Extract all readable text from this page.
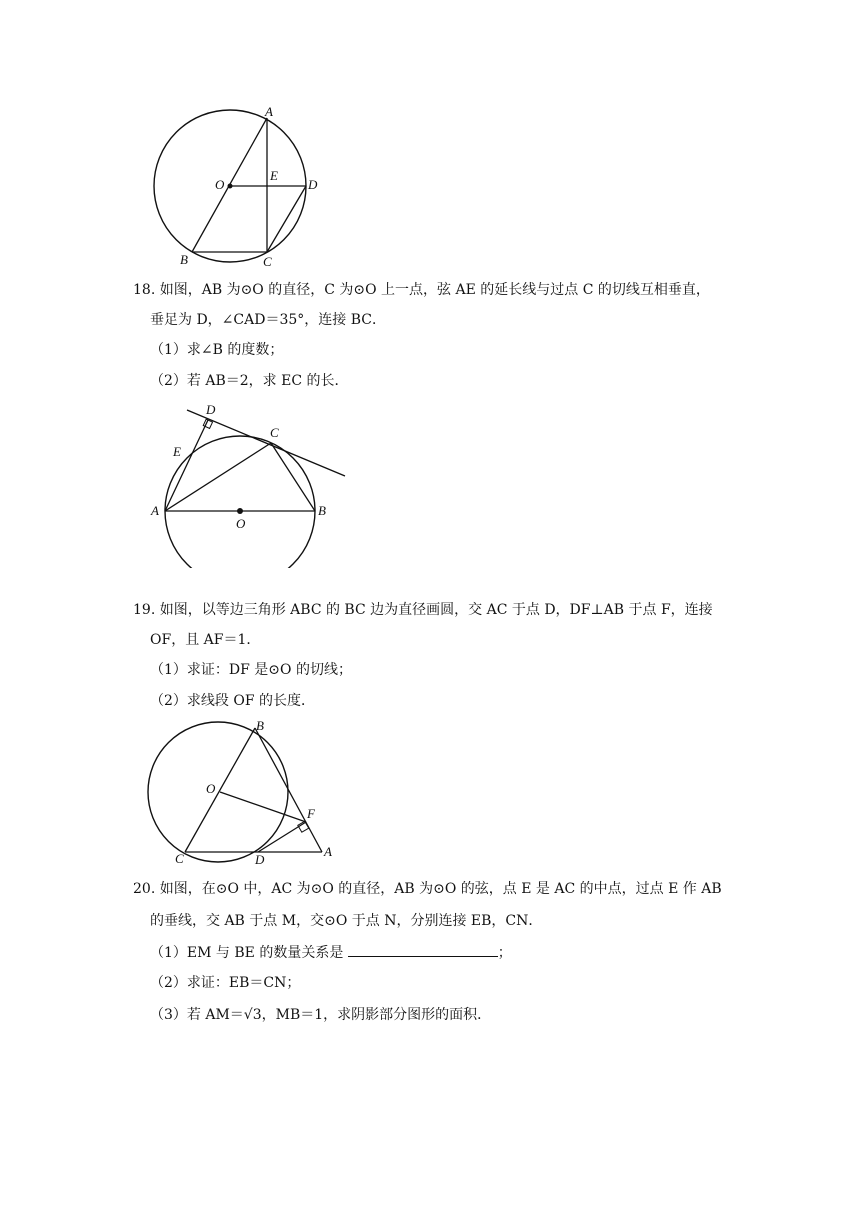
A
O
E
D
B	C
18. 如图，AB 为⊙O 的直径，C 为⊙O 上一点，弦 AE 的延长线与过点 C 的切线互相垂直，
垂足为 D，∠CAD＝35°，连接 BC．
（1）求∠B 的度数；
（2）若 AB＝2，求 EC 的长．
D
C
E
A
O
B
19. 如图，以等边三角形 ABC 的 BC 边为直径画圆，交 AC 于点 D，DF⊥AB 于点 F，连接
OF，且 AF＝1．
（1）求证：DF 是⊙O 的切线；
（2）求线段 OF 的长度．
B
O
F
C	D
A
20. 如图，在⊙O 中，AC 为⊙O 的直径，AB 为⊙O 的弦，点 E 是 AC 的中点，过点 E 作 AB
的垂线，交 AB 于点 M，交⊙O 于点 N，分别连接 EB，CN．
（1）EM 与 BE 的数量关系是	；
（2）求证：EB＝CN；
（3）若 AM＝√3，MB＝1，求阴影部分图形的面积．
